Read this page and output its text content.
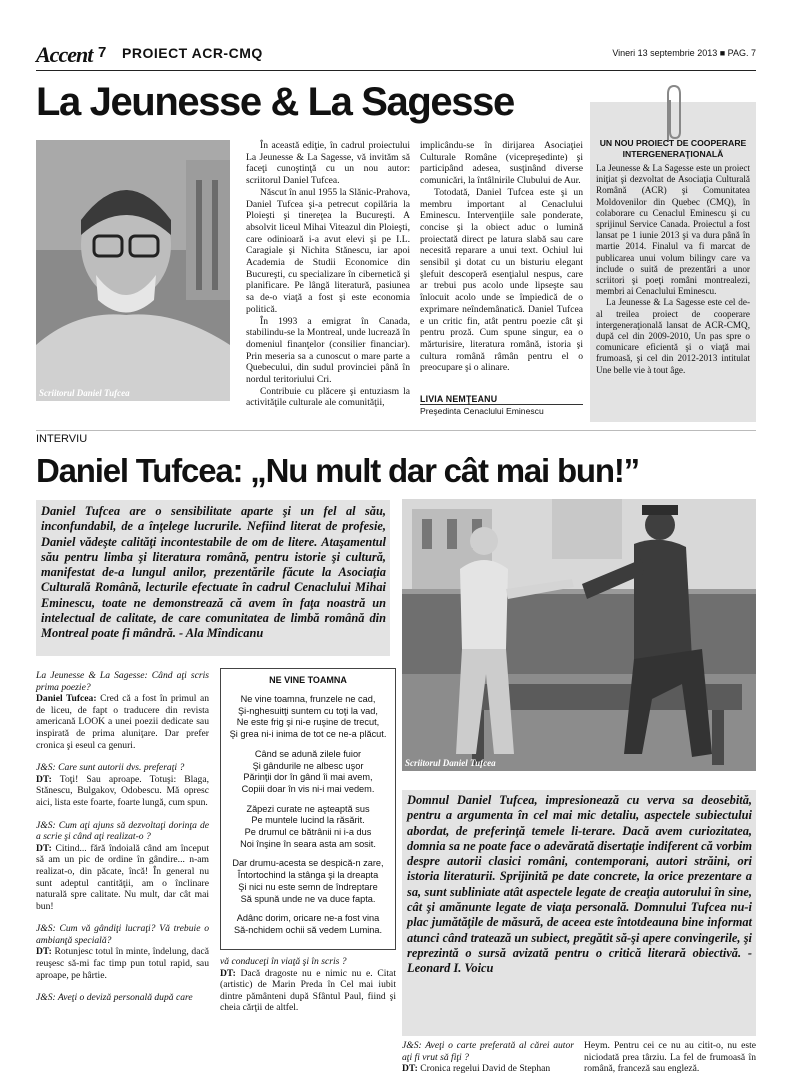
Accent 7 PROIECT ACR-CMQ	Vineri 13 septembrie 2013 ■ PAG. 7
La Jeunesse & La Sagesse
Scriitorul Daniel Tufcea

În această ediţie, în cadrul proiectului La Jeunesse & La Sagesse, vă invităm să faceţi cunoştinţă cu un nou autor: scriitorul Daniel Tufcea.

Născut în anul 1955 la Slănic-Prahova, Daniel Tufcea şi-a petrecut copilăria la Ploieşti şi tinereţea la Bucureşti. A absolvit liceul Mihai Viteazul din Ploieşti, care odinioară i-a avut elevi şi pe I.L. Caragiale şi Nichita Stănescu, iar apoi Academia de Studii Economice din Bucureşti, cu specializare în cibernetică şi planificare. Pe lângă literatură, pasiunea sa de-o viaţă a fost şi este economia politică.

În 1993 a emigrat în Canada, stabilindu-se la Montreal, unde lucrează în domeniul finanţelor (consilier financiar). Prin meseria sa a cunoscut o mare parte a Quebecului, din sudul provinciei până în nordul teritoriului Cri.

Contribuie cu plăcere şi entuziasm la activităţile culturale ale comunităţii,

implicându-se în dirijarea Asociaţiei Culturale Române (vicepreşedinte) şi participând adesea, susţinând diverse comunicări, la întâlnirile Clubului de Aur.

Totodată, Daniel Tufcea este şi un membru important al Cenaclului Eminescu. Intervenţiile sale ponderate, concise şi la obiect aduc o lumină proiectată direct pe latura slabă sau care necesită reparare a unui text. Ochiul lui sensibil şi dotat cu un bisturiu elegant şlefuit descoperă esenţialul nespus, care ar trebui pus acolo unde lipseşte sau înlocuit acolo unde se împiedică de o exprimare neîndemânatică. Daniel Tufcea e un critic fin, atât pentru poezie cât şi pentru proză. Cum spune singur, ea o mărturisire, literatura română, istoria şi cultura română râmân pentru el o preocupare şi o alinare.

LIVIA NEMŢEANU
Preşedinta Cenaclului Eminescu
UN NOU PROIECT DE COOPERARE
INTERGENERAŢIONALĂ

La Jeunesse & La Sagesse este un proiect iniţiat şi dezvoltat de Asociaţia Culturală Română (ACR) şi Comunitatea Moldovenilor din Quebec (CMQ), în colaborare cu Cenaclul Eminescu şi cu sprijinul Service Canada. Proiectul a fost lansat pe 1 iunie 2013 şi va dura până în martie 2014. Finalul va fi marcat de publicarea unui volum bilingv care va include o suită de prezentări a unor scriitori şi poeţi români montrealezi, membri ai Cenaclului Eminescu.

La Jeunesse & La Sagesse este cel de-al treilea proiect de cooperare intergeneraţională lansat de ACR-CMQ, după cel din 2009-2010, Un pas spre o comunicare eficientă şi o viaţă mai frumoasă, şi cel din 2012-2013 intitulat Une belle vie à tout âge.

INTERVIU
Daniel Tufcea: „Nu mult dar cât mai bun!”
Daniel Tufcea are o sensibilitate aparte şi un fel al său, inconfundabil, de a înţelege lucrurile. Nefiind literat de profesie, Daniel vădeşte calităţi incontestabile de om de litere. Ataşamentul său pentru limba şi literatura română, pentru istorie şi cultură, manifestat de-a lungul anilor, prezentările făcute la Asociaţia Culturală Română, lecturile efectuate în cadrul Cenaclului Mihai Eminescu, toate ne demonstrează că avem în faţa noastră un intelectual de calitate, de care comunitatea de limbă română din Montreal poate fi mândră. - Ala Mîndicanu
Scriitorul Daniel Tufcea

La Jeunesse & La Sagesse: Când aţi scris prima poezie?
Daniel Tufcea: Cred că a fost în primul an de liceu, de fapt o traducere din revista americană LOOK a unei poezii dedicate sau inspirată de prima aluniţare. Dar prefer cronica şi eseul ca genuri.

J&S: Care sunt autorii dvs. preferaţi ?
DT: Toţi! Sau aproape. Totuşi: Blaga, Stănescu, Bulgakov, Odobescu. Mă opresc aici, lista este foarte, foarte lungă, cum spun.

J&S: Cum aţi ajuns să dezvoltaţi dorinţa de a scrie şi când aţi realizat-o ?
DT: Citind... fără îndoială când am început să am un pic de ordine în gândire... n-am realizat-o, din păcate, încă! În general nu sunt adeptul cantităţii, am o înclinare naturală spre calitate. Nu mult, dar cât mai bun!

J&S: Cum vă gândiţi lucraţi? Vă trebuie o ambianţă specială?
DT: Rotunjesc totul în minte, îndelung, dacă reuşesc să-mi fac timp pun totul rapid, sau aproape, pe hârtie.

J&S: Aveţi o deviză personală după care

NE VINE TOAMNA
Ne vine toamna, frunzele ne cad,
Şi-nghesuitţi suntem cu toţi la vad,
Ne este frig şi ni-e ruşine de trecut,
Şi grea ni-i inima de tot ce ne-a plăcut.
Când se adună zilele fuior
Şi gândurile ne albesc uşor
Părinţii dor în gând îi mai avem,
Copiii doar în vis ni-i mai vedem.
Zăpezi curate ne aşteaptă sus
Pe muntele lucind la răsărit.
Pe drumul ce bătrânii ni i-a dus
Noi înşine în seara asta am sosit.
Dar drumu-acesta se despică-n zare,
Întortochind la stânga şi la dreapta
Şi nici nu este semn de îndreptare
Să spună unde ne va duce fapta.
Adânc dorim, oricare ne-a fost vina
Să-nchidem ochii să vedem Lumina.
vă conduceţi în viaţă şi în scris ?
DT: Dacă dragoste nu e nimic nu e. Citat (artistic) de Marin Preda în Cel mai iubit dintre pământeni după Sfântul Paul, fiind şi cheia cărţii de altfel.
Domnul Daniel Tufcea, impresionează cu verva sa deosebită, pentru a argumenta în cel mai mic detaliu, aspectele subiectului abordat, de preferinţă temele li-terare. Dacă avem curiozitatea, domnia sa ne poate face o adevărată disertaţie indiferent că vorbim despre autorii clasici români, contemporani, autori străini, ori istoria literaturii. Sprijinită pe date concrete, la orice prezentare a sa, sunt subliniate atât aspectele legate de creaţia autorului în sine, cât şi amănunte legate de viaţa personală. Domnului Tufcea nu-i plac jumătăţile de măsură, de aceea este întotdeauna bine informat atunci când tratează un subiect, pregătit să-şi apere convingerile, şi reprezintă o sursă avizată pentru o critică literară obiectivă. - Leonard I. Voicu
J&S: Aveţi o carte preferată al cărei autor aţi fi vrut să fiţi ?
DT: Cronica regelui David de Stephan
Heym. Pentru cei ce nu au citit-o, nu este niciodată prea târziu. La fel de frumoasă în română, franceză sau engleză.
